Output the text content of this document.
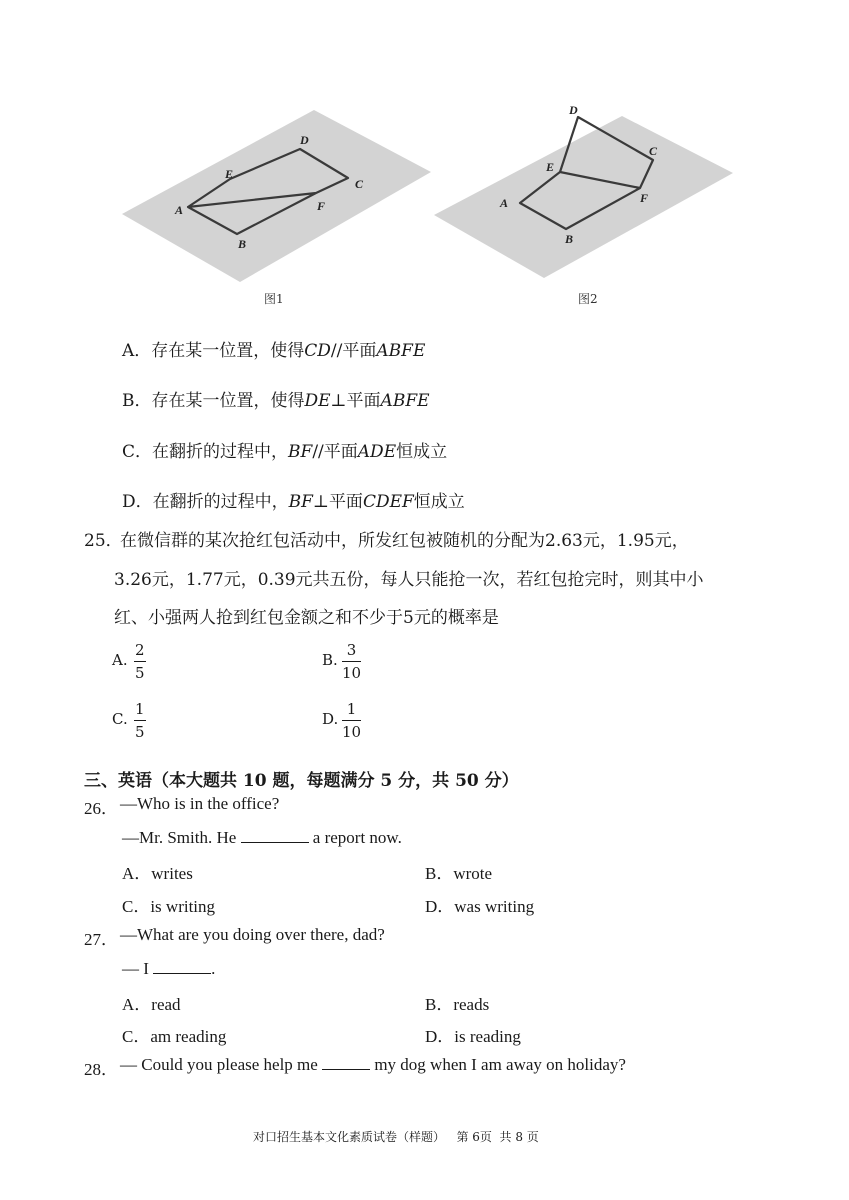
D
E
C
A	F
B
图1
D
C
E
A	F
B
图2
A．存在某一位置，使得CD//平面ABFE
B．存在某一位置，使得DE⊥平面ABFE
C．在翻折的过程中，BF//平面ADE恒成立
D．在翻折的过程中，BF⊥平面CDEF恒成立
25．
在微信群的某次抢红包活动中，所发红包被随机的分配为2.63元，1.95元，
3.26元，1.77元，0.39元共五份，每人只能抢一次，若红包抢完时，则其中小
红、小强两人抢到红包金额之和不少于5元的概率是
A. $\frac{2}{5}$	B. $\frac{3}{10}$
C. $\frac{1}{5}$	D. $\frac{1}{10}$
三、英语（本大题共 10 题，每题满分 5 分，共 50 分）
26． —Who is in the office?
—Mr. Smith. He	a report now.
A．writes	B．wrote
C．is writing	D．was writing
27． —What are you doing over there, dad?
— I	.
A．read	B．reads
C．am reading	D．is reading
28． — Could you please help me	my dog when I am away on holiday?
对口招生基本文化素质试卷（样题）   第 6页  共 8 页
